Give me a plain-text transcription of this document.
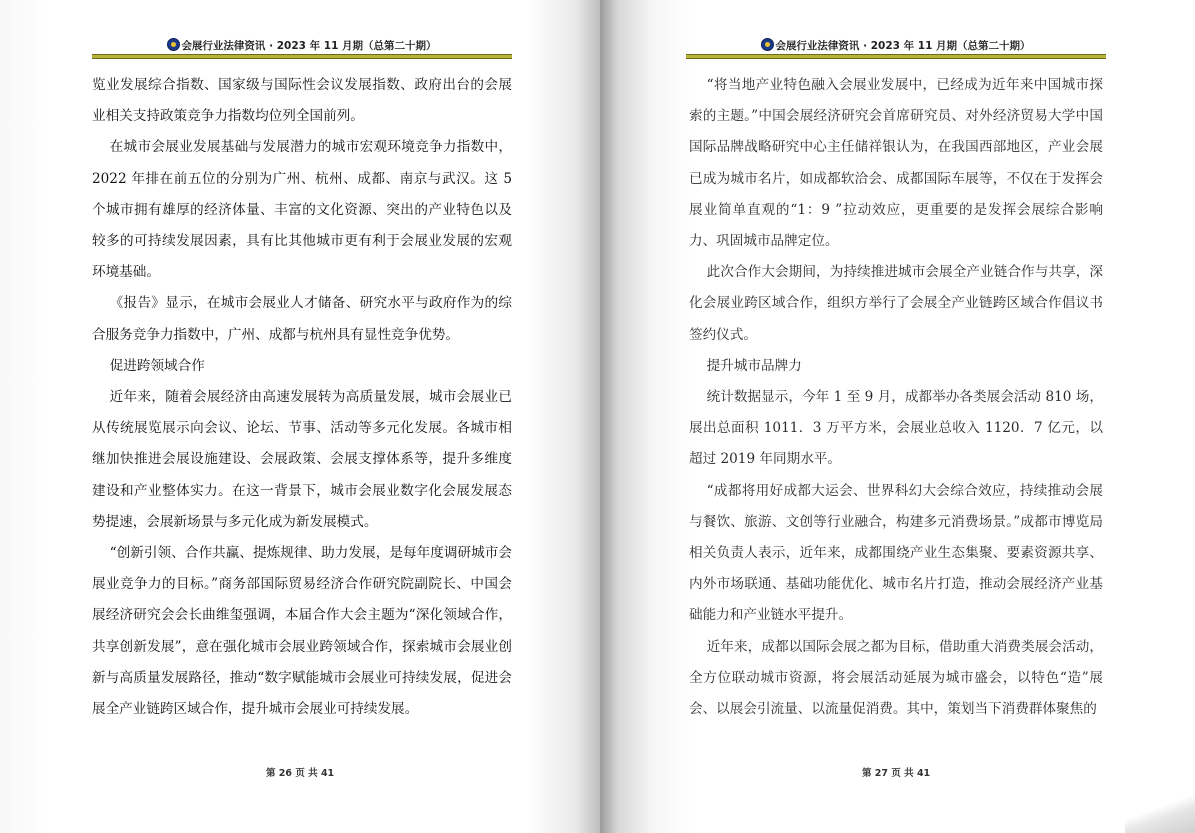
会展行业法律资讯 · 2023 年 11 月期（总第二十期）

览业发展综合指数、国家级与国际性会议发展指数、政府出台的会展业相关支持政策竞争力指数均位列全国前列。

在城市会展业发展基础与发展潜力的城市宏观环境竞争力指数中，2022 年排在前五位的分别为广州、杭州、成都、南京与武汉。这 5 个城市拥有雄厚的经济体量、丰富的文化资源、突出的产业特色以及较多的可持续发展因素，具有比其他城市更有利于会展业发展的宏观环境基础。

《报告》显示，在城市会展业人才储备、研究水平与政府作为的综合服务竞争力指数中，广州、成都与杭州具有显性竞争优势。

促进跨领域合作

近年来，随着会展经济由高速发展转为高质量发展，城市会展业已从传统展览展示向会议、论坛、节事、活动等多元化发展。各城市相继加快推进会展设施建设、会展政策、会展支撑体系等，提升多维度建设和产业整体实力。在这一背景下，城市会展业数字化会展发展态势提速，会展新场景与多元化成为新发展模式。

“创新引领、合作共赢、提炼规律、助力发展，是每年度调研城市会展业竞争力的目标。”商务部国际贸易经济合作研究院副院长、中国会展经济研究会会长曲维玺强调，本届合作大会主题为“深化领域合作，共享创新发展”，意在强化城市会展业跨领域合作，探索城市会展业创新与高质量发展路径，推动“数字赋能城市会展业可持续发展，促进会展全产业链跨区域合作，提升城市会展业可持续发展。

第 26 页 共 41
会展行业法律资讯 · 2023 年 11 月期（总第二十期）

“将当地产业特色融入会展业发展中，已经成为近年来中国城市探索的主题。”中国会展经济研究会首席研究员、对外经济贸易大学中国国际品牌战略研究中心主任储祥银认为，在我国西部地区，产业会展已成为城市名片，如成都软洽会、成都国际车展等，不仅在于发挥会展业简单直观的“1：9 ”拉动效应，更重要的是发挥会展综合影响力、巩固城市品牌定位。

此次合作大会期间，为持续推进城市会展全产业链合作与共享，深化会展业跨区域合作，组织方举行了会展全产业链跨区域合作倡议书签约仪式。

提升城市品牌力

统计数据显示，今年 1 至 9 月，成都举办各类展会活动 810 场，展出总面积 1011．3 万平方米，会展业总收入 1120．7 亿元，以超过 2019 年同期水平。

“成都将用好成都大运会、世界科幻大会综合效应，持续推动会展与餐饮、旅游、文创等行业融合，构建多元消费场景。”成都市博览局相关负责人表示，近年来，成都围绕产业生态集聚、要素资源共享、内外市场联通、基础功能优化、城市名片打造，推动会展经济产业基础能力和产业链水平提升。

近年来，成都以国际会展之都为目标，借助重大消费类展会活动，全方位联动城市资源，将会展活动延展为城市盛会，以特色“造”展会、以展会引流量、以流量促消费。其中，策划当下消费群体聚焦的

第 27 页 共 41
